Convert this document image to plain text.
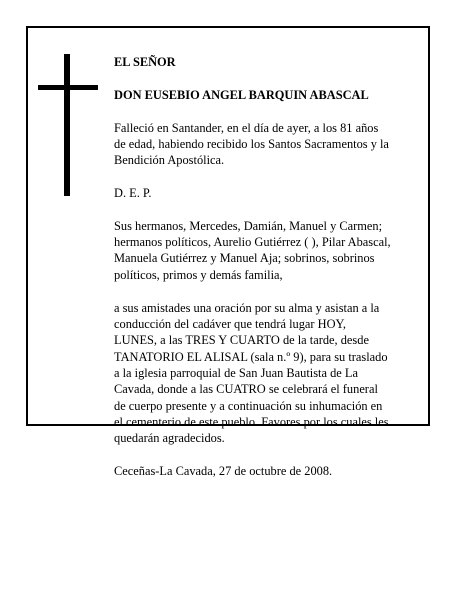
EL SEÑOR

DON EUSEBIO ANGEL BARQUIN ABASCAL

Falleció en Santander, en el día de ayer, a los 81 años
de edad, habiendo recibido los Santos Sacramentos y la
Bendición Apostólica.

D. E. P.

Sus hermanos, Mercedes, Damián, Manuel y Carmen;
hermanos políticos, Aurelio Gutiérrez ( ), Pilar Abascal,
Manuela Gutiérrez y Manuel Aja; sobrinos, sobrinos
políticos, primos y demás familia,

a sus amistades una oración por su alma y asistan a la
conducción del cadáver que tendrá lugar HOY,
LUNES, a las TRES Y CUARTO de la tarde, desde
TANATORIO EL ALISAL (sala n.º 9), para su traslado
a la iglesia parroquial de San Juan Bautista de La
Cavada, donde a las CUATRO se celebrará el funeral
de cuerpo presente y a continuación su inhumación en
el cementerio de este pueblo. Favores por los cuales les
quedarán agradecidos.

Ceceñas-La Cavada, 27 de octubre de 2008.
